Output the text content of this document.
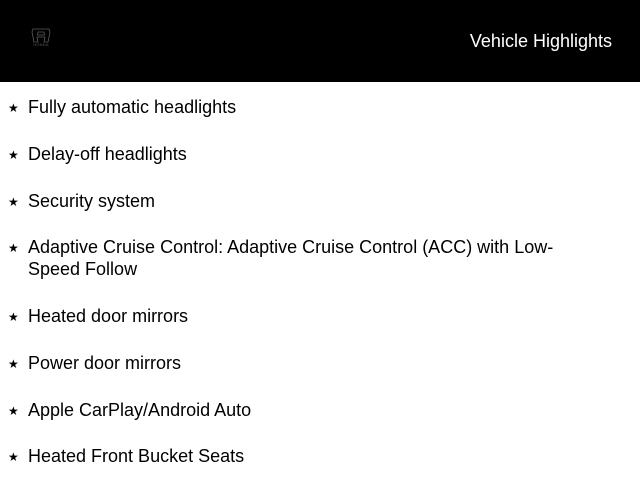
HONDA	Vehicle Highlights
★ Fully automatic headlights
★ Delay-off headlights
★ Security system
★ Adaptive Cruise Control: Adaptive Cruise Control (ACC) with Low-Speed Follow
★ Heated door mirrors
★ Power door mirrors
★ Apple CarPlay/Android Auto
★ Heated Front Bucket Seats
